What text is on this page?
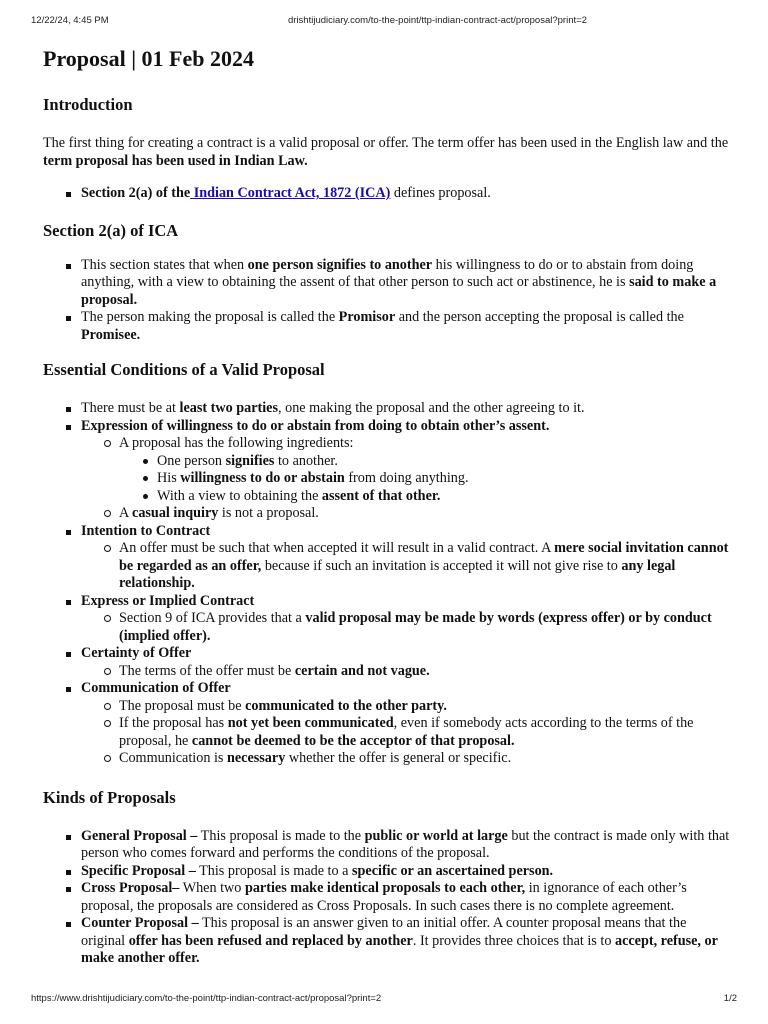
12/22/24, 4:45 PM	drishtijudiciary.com/to-the-point/ttp-indian-contract-act/proposal?print=2
Proposal | 01 Feb 2024
Introduction

The first thing for creating a contract is a valid proposal or offer. The term offer has been used in the English law and the term proposal has been used in Indian Law.

Section 2(a) of the Indian Contract Act, 1872 (ICA) defines proposal.
Section 2(a) of ICA
This section states that when one person signifies to another his willingness to do or to abstain from doing anything, with a view to obtaining the assent of that other person to such act or abstinence, he is said to make a proposal.
The person making the proposal is called the Promisor and the person accepting the proposal is called the Promisee.
Essential Conditions of a Valid Proposal
There must be at least two parties, one making the proposal and the other agreeing to it.
Expression of willingness to do or abstain from doing to obtain other’s assent.
A proposal has the following ingredients:
One person signifies to another.
His willingness to do or abstain from doing anything.
With a view to obtaining the assent of that other.
A casual inquiry is not a proposal.
Intention to Contract
An offer must be such that when accepted it will result in a valid contract. A mere social invitation cannot be regarded as an offer, because if such an invitation is accepted it will not give rise to any legal relationship.
Express or Implied Contract
Section 9 of ICA provides that a valid proposal may be made by words (express offer) or by conduct (implied offer).
Certainty of Offer
The terms of the offer must be certain and not vague.
Communication of Offer
The proposal must be communicated to the other party.
If the proposal has not yet been communicated, even if somebody acts according to the terms of the proposal, he cannot be deemed to be the acceptor of that proposal.
Communication is necessary whether the offer is general or specific.
Kinds of Proposals
General Proposal – This proposal is made to the public or world at large but the contract is made only with that person who comes forward and performs the conditions of the proposal.
Specific Proposal – This proposal is made to a specific or an ascertained person.
Cross Proposal– When two parties make identical proposals to each other, in ignorance of each other’s proposal, the proposals are considered as Cross Proposals. In such cases there is no complete agreement.
Counter Proposal – This proposal is an answer given to an initial offer. A counter proposal means that the original offer has been refused and replaced by another. It provides three choices that is to accept, refuse, or make another offer.
https://www.drishtijudiciary.com/to-the-point/ttp-indian-contract-act/proposal?print=2	1/2
